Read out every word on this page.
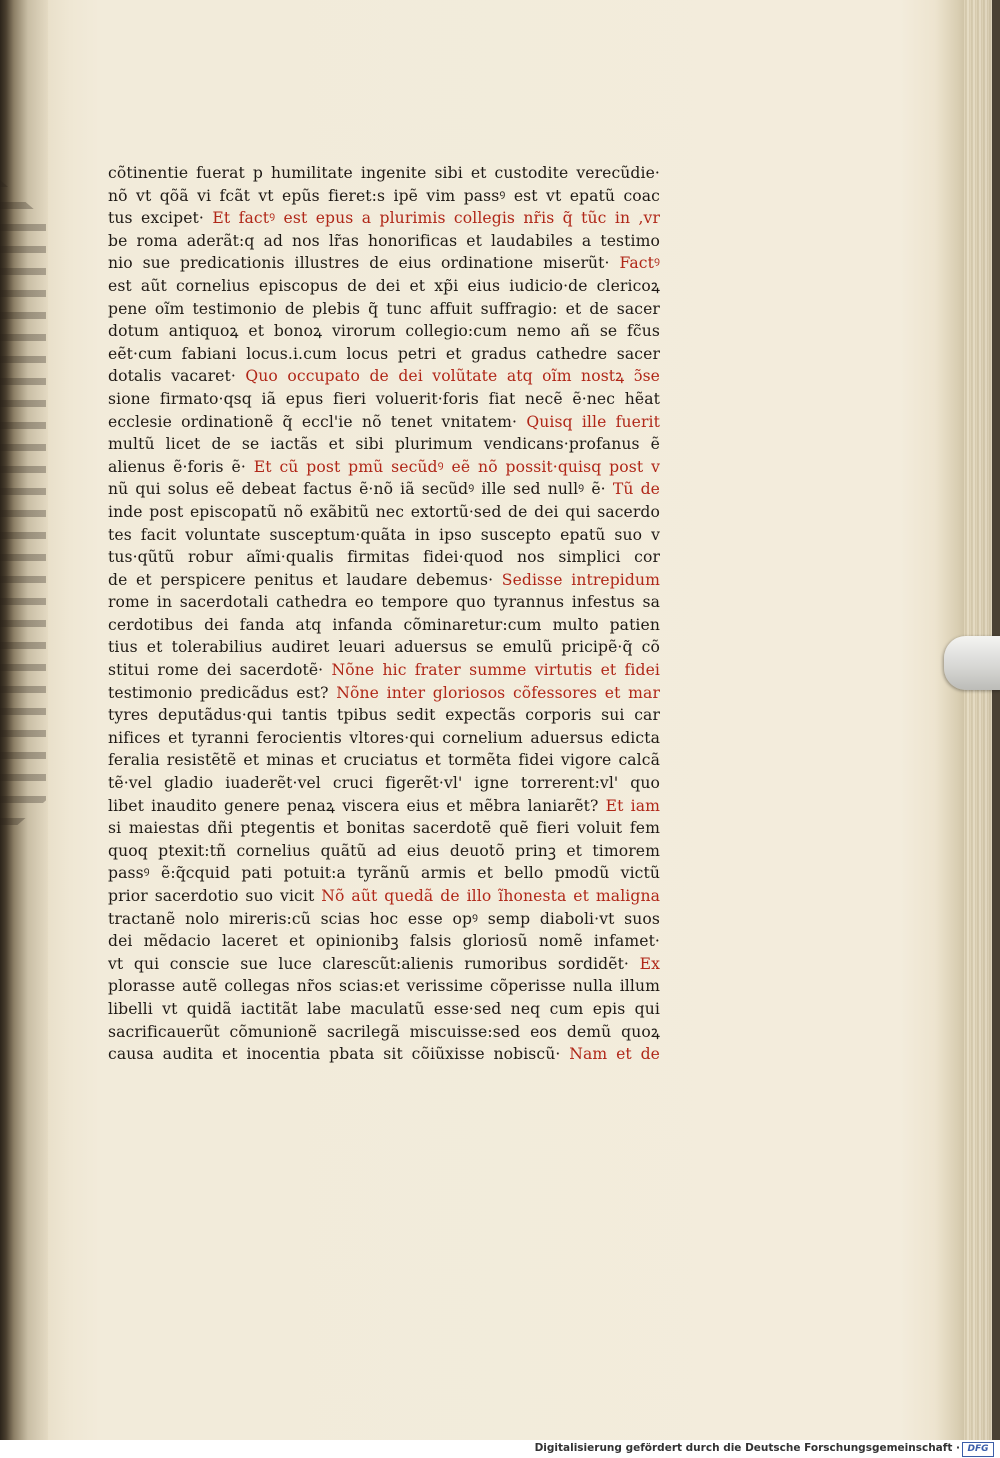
cõtinentie fuerat p humilitate ingenite sibi et custodite verecũdie·
nõ vt qõã vi fcãt vt epũs fieret:s ipẽ vim passꝰ est vt epatũ coac
tus excipet· Et factꝰ est epus a plurimis collegis nr̃is q̃ tũc in ,vr
be roma aderãt:q ad nos lr̃as honorificas et laudabiles a testimo
nio sue predicationis illustres de eius ordinatione miserũt· Factꝰ
est aũt cornelius episcopus de dei et xp̃i eius iudicio·de clericoꝝ
pene oĩm testimonio de plebis q̃ tunc affuit suffragio: et de sacer
dotum antiquoꝝ et bonoꝝ virorum collegio:cum nemo añ se fc̃us
eẽt·cum fabiani locus.i.cum locus petri et gradus cathedre sacer
dotalis vacaret· Quo occupato de dei volũtate atq oĩm nostꝝ ɔ̃se
sione firmato·qsq iã epus fieri voluerit·foris fiat necẽ ẽ·nec hẽat
ecclesie ordinationẽ q̃ eccl'ie nõ tenet vnitatem· Quisq ille fuerit
multũ licet de se iactãs et sibi plurimum vendicans·profanus ẽ
alienus ẽ·foris ẽ· Et cũ post pmũ secũdꝰ eẽ nõ possit·quisq post v
nũ qui solus eẽ debeat factus ẽ·nõ iã secũdꝰ ille sed nullꝰ ẽ· Tũ de
inde post episcopatũ nõ exãbitũ nec extortũ·sed de dei qui sacerdo
tes facit voluntate susceptum·quãta in ipso suscepto epatũ suo v
tus·qũtũ robur aĩmi·qualis firmitas fidei·quod nos simplici cor
de et perspicere penitus et laudare debemus· Sedisse intrepidum
rome in sacerdotali cathedra eo tempore quo tyrannus infestus sa
cerdotibus dei fanda atq infanda cõminaretur:cum multo patien
tius et tolerabilius audiret leuari aduersus se emulũ pricipẽ·q̃ cõ
stitui rome dei sacerdotẽ· Nõne hic frater summe virtutis et fidei
testimonio predicãdus est? Nõne inter gloriosos cõfessores et mar
tyres deputãdus·qui tantis tpibus sedit expectãs corporis sui car
nifices et tyranni ferocientis vltores·qui cornelium aduersus edicta
feralia resistẽtẽ et minas et cruciatus et tormẽta fidei vigore calcã
tẽ·vel gladio iuaderẽt·vel cruci figerẽt·vl' igne torrerent:vl' quo
libet inaudito genere penaꝝ viscera eius et mẽbra laniarẽt? Et iam
si maiestas dñi ptegentis et bonitas sacerdotẽ quẽ fieri voluit fem
quoq ptexit:tñ cornelius quãtũ ad eius deuotõ prinꝫ et timorem
passꝰ ẽ:q̃cquid pati potuit:a tyrãnũ armis et bello pmodũ victũ
prior sacerdotio suo vicit Nõ aũt quedã de illo ĩhonesta et maligna
tractanẽ nolo mireris:cũ scias hoc esse opꝰ semp diaboli·vt suos
dei mẽdacio laceret et opinionibꝫ falsis gloriosũ nomẽ infamet·
vt qui conscie sue luce clarescũt:alienis rumoribus sordidẽt· Ex
plorasse autẽ collegas nr̃os scias:et verissime cõperisse nulla illum
libelli vt quidã iactitãt labe maculatũ esse·sed neq cum epis qui
sacrificauerũt cõmunionẽ sacrilegã miscuisse:sed eos demũ quoꝝ
causa audita et inocentia pbata sit cõiũxisse nobiscũ· Nam et de
Digitalisierung gefördert durch die Deutsche Forschungsgemeinschaft · DFG
